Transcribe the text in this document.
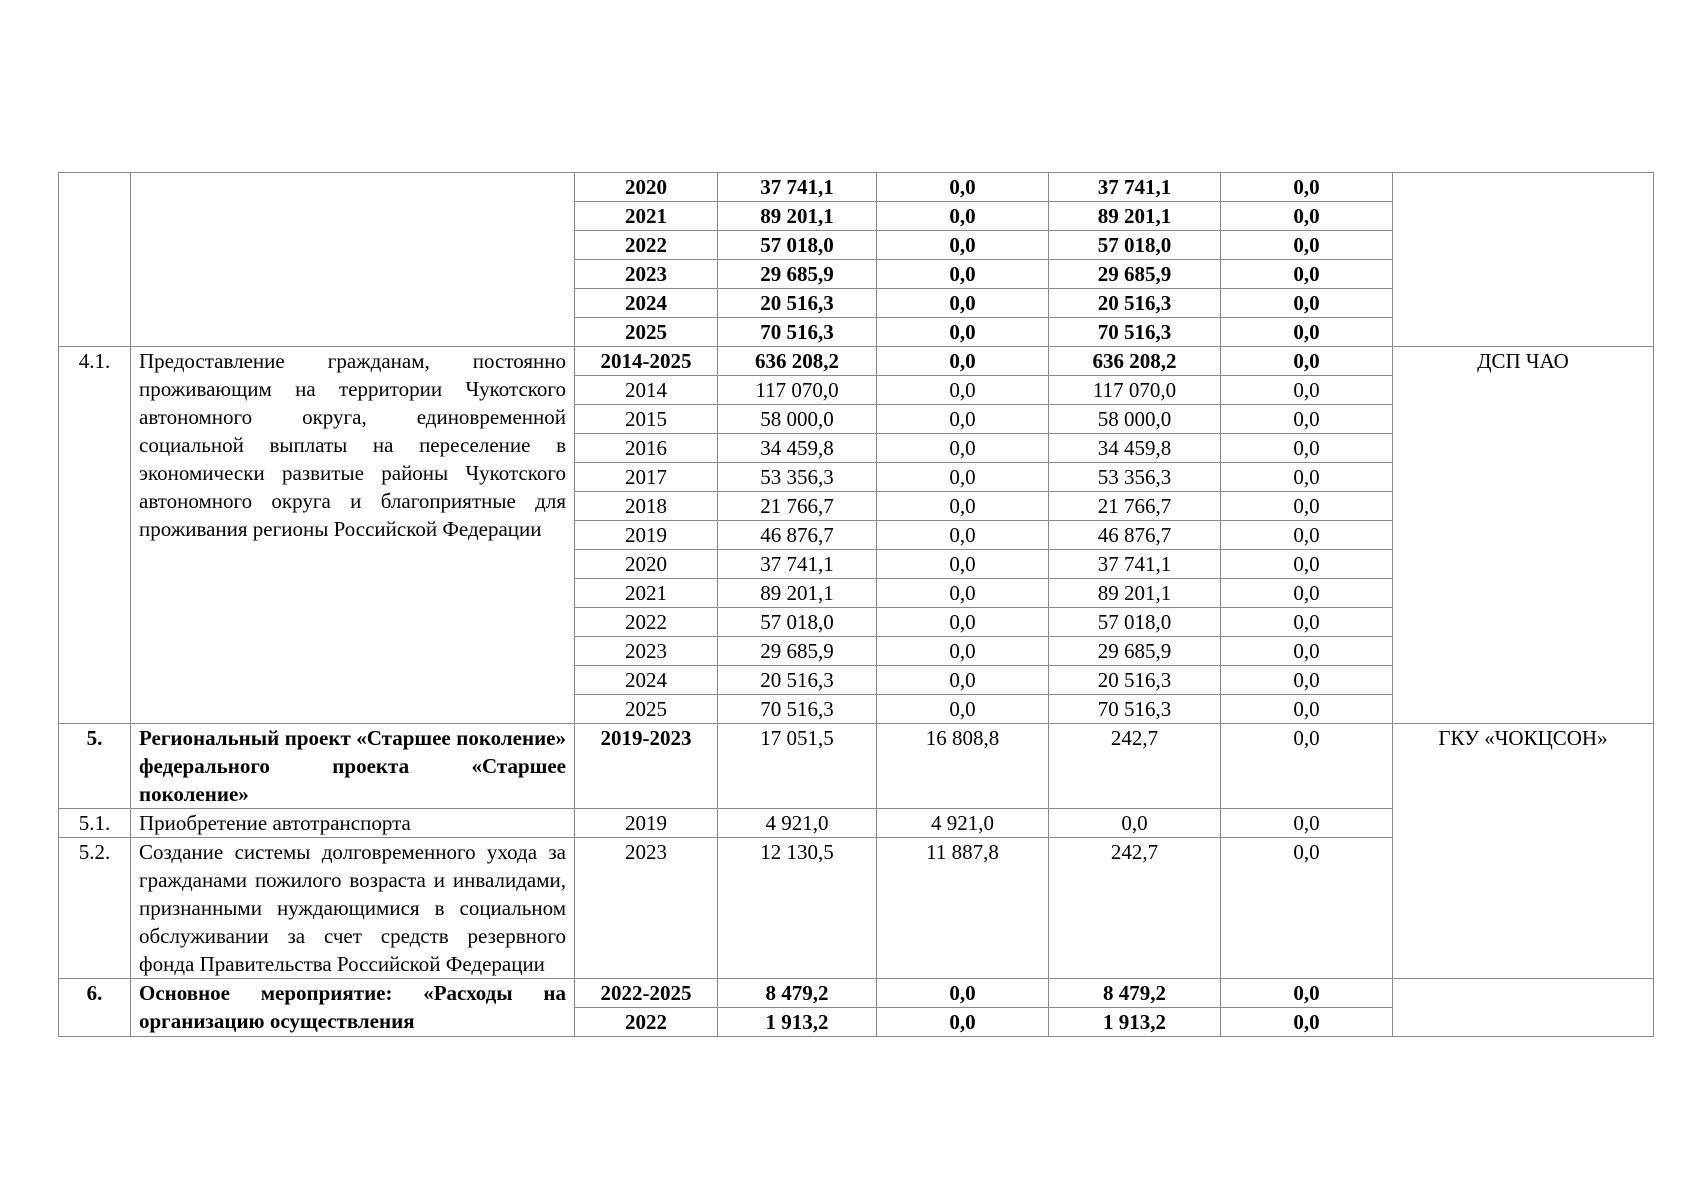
		2020	37 741,1	0,0	37 741,1	0,0	
		2021	89 201,1	0,0	89 201,1	0,0	
		2022	57 018,0	0,0	57 018,0	0,0	
		2023	29 685,9	0,0	29 685,9	0,0	
		2024	20 516,3	0,0	20 516,3	0,0	
		2025	70 516,3	0,0	70 516,3	0,0	
4.1.	Предоставление гражданам, постоянно проживающим на территории Чукотского автономного округа, единовременной социальной выплаты на переселение в экономически развитые районы Чукотского автономного округа и благоприятные для проживания регионы Российской Федерации	2014-2025	636 208,2	0,0	636 208,2	0,0	ДСП ЧАО
		2014	117 070,0	0,0	117 070,0	0,0	
		2015	58 000,0	0,0	58 000,0	0,0	
		2016	34 459,8	0,0	34 459,8	0,0	
		2017	53 356,3	0,0	53 356,3	0,0	
		2018	21 766,7	0,0	21 766,7	0,0	
		2019	46 876,7	0,0	46 876,7	0,0	
		2020	37 741,1	0,0	37 741,1	0,0	
		2021	89 201,1	0,0	89 201,1	0,0	
		2022	57 018,0	0,0	57 018,0	0,0	
		2023	29 685,9	0,0	29 685,9	0,0	
		2024	20 516,3	0,0	20 516,3	0,0	
		2025	70 516,3	0,0	70 516,3	0,0	
5.	Региональный проект «Старшее поколение» федерального проекта «Старшее поколение»	2019-2023	17 051,5	16 808,8	242,7	0,0	ГКУ «ЧОКЦСОН»
5.1.	Приобретение автотранспорта	2019	4 921,0	4 921,0	0,0	0,0	
5.2.	Создание системы долговременного ухода за гражданами пожилого возраста и инвалидами, признанными нуждающимися в социальном обслуживании за счет средств резервного фонда Правительства Российской Федерации	2023	12 130,5	11 887,8	242,7	0,0	
6.	Основное мероприятие: «Расходы на организацию осуществления	2022-2025	8 479,2	0,0	8 479,2	0,0	
		2022	1 913,2	0,0	1 913,2	0,0	
